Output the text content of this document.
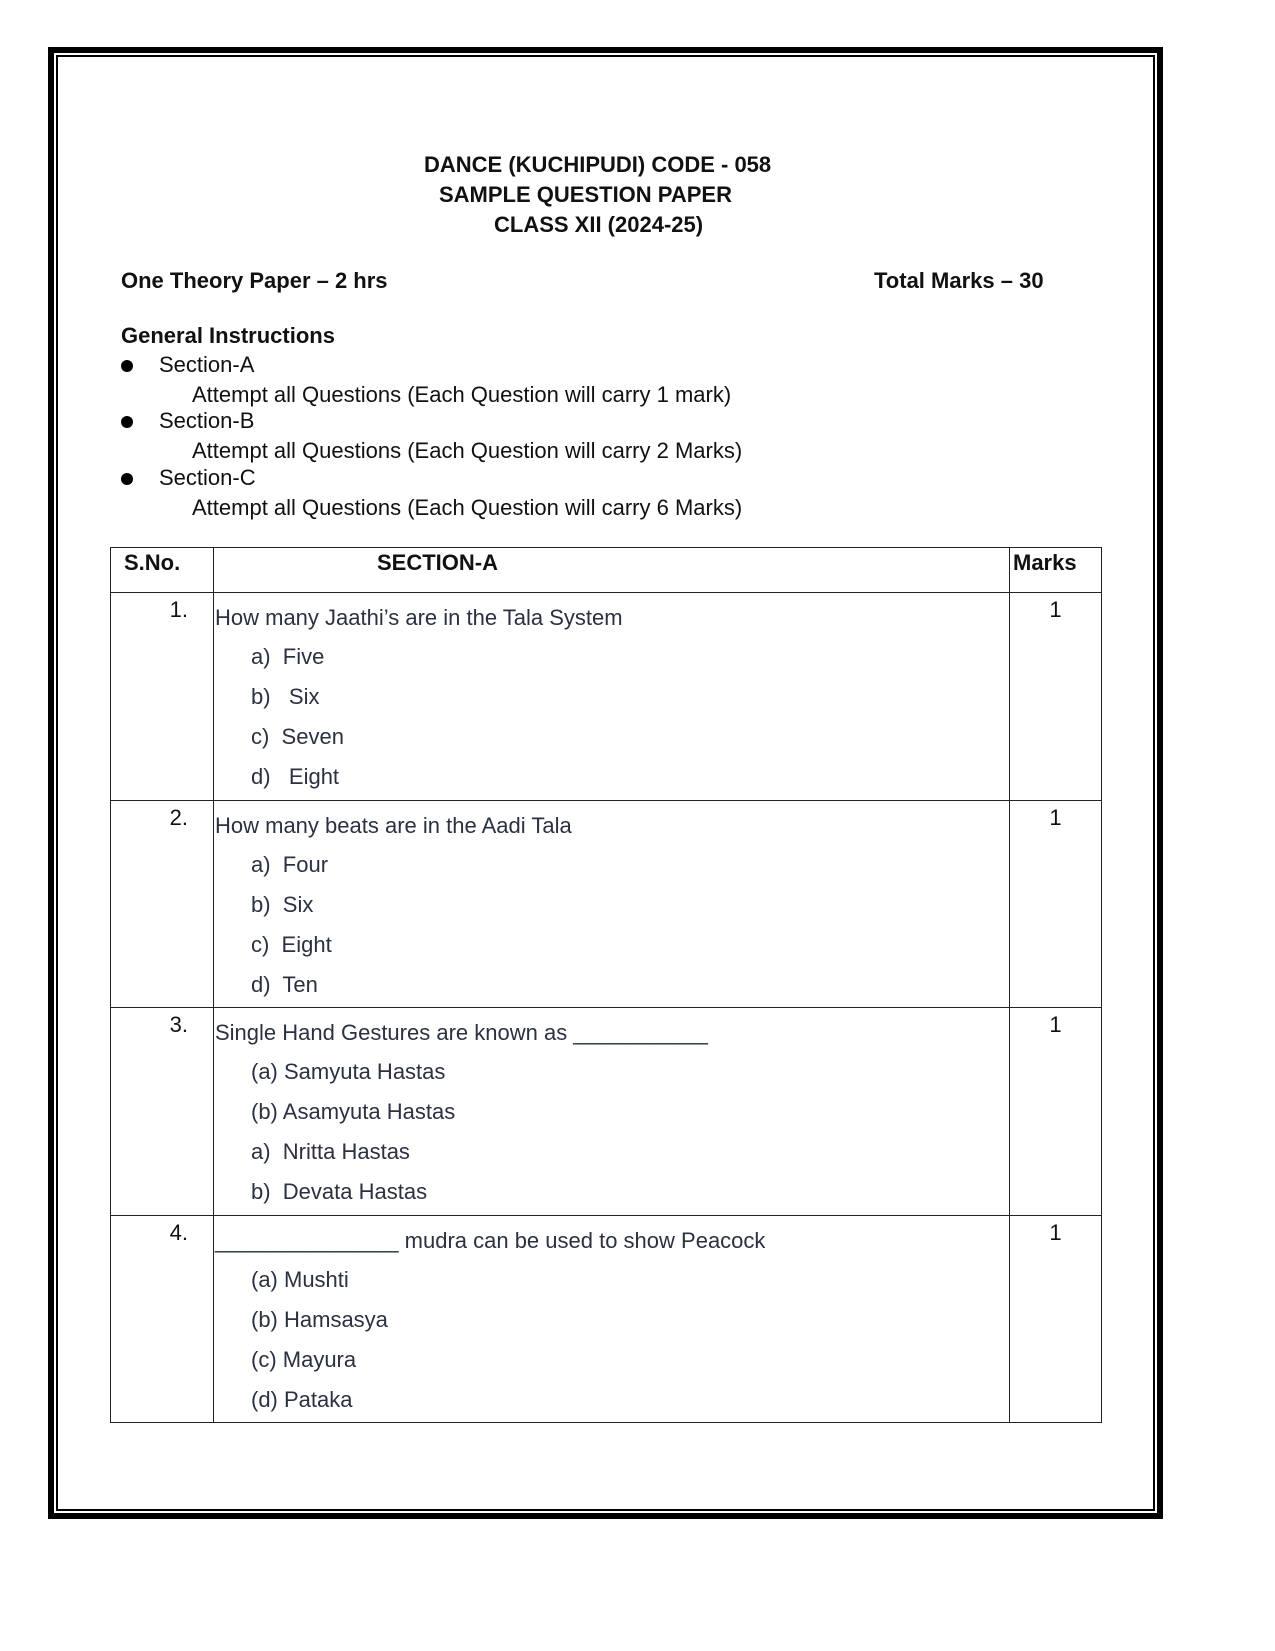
DANCE (KUCHIPUDI) CODE - 058
SAMPLE QUESTION PAPER
CLASS XII (2024-25)
One Theory Paper – 2 hrs	Total Marks – 30
General Instructions
Section-A
Attempt all Questions (Each Question will carry 1 mark)
Section-B
Attempt all Questions (Each Question will carry 2 Marks)
Section-C
Attempt all Questions (Each Question will carry 6 Marks)
S.No.	SECTION-A	Marks
1.	How many Jaathi’s are in the Tala System
a)  Five
b)   Six
c)  Seven
d)   Eight	1
2.	How many beats are in the Aadi Tala
a)  Four
b)  Six
c)  Eight
d)  Ten	1
3.	Single Hand Gestures are known as ___________
(a) Samyuta Hastas
(b) Asamyuta Hastas
a)  Nritta Hastas
b)  Devata Hastas	1
4.	_______________ mudra can be used to show Peacock
(a) Mushti
(b) Hamsasya
(c) Mayura
(d) Pataka	1
